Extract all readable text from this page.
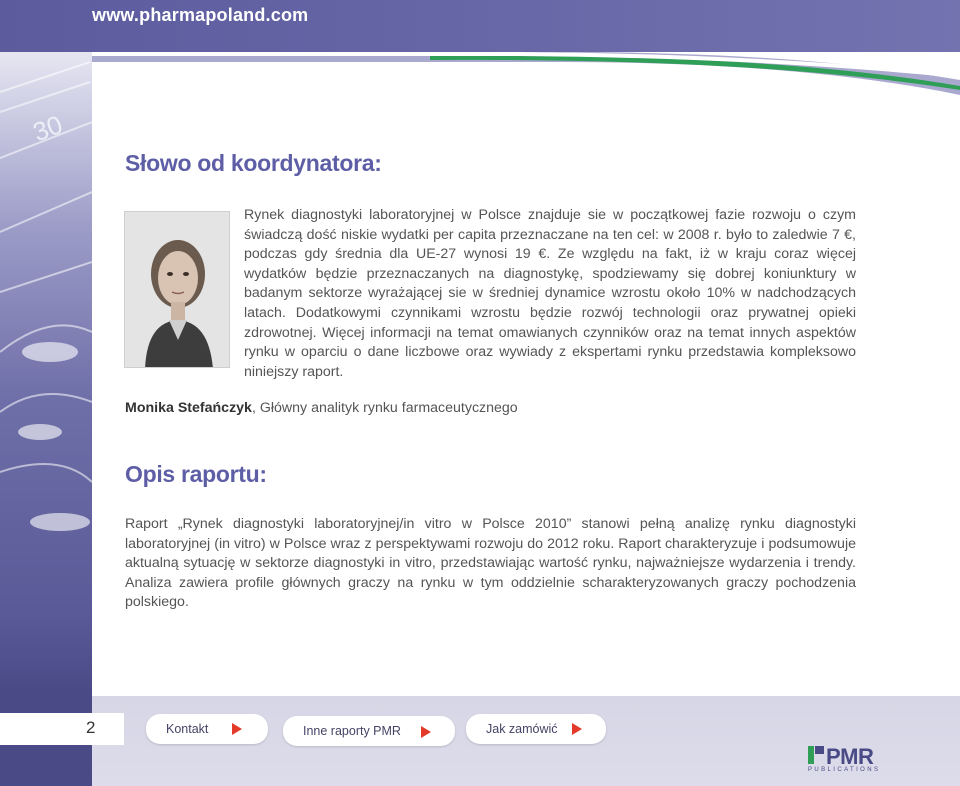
www.pharmapoland.com
30
Słowo od koordynatora:
Rynek diagnostyki laboratoryjnej w Polsce znajduje sie w początkowej fazie rozwoju o czym świadczą dość niskie wydatki per capita przeznaczane na ten cel: w 2008 r. było to zaledwie 7 €, podczas gdy średnia dla UE-27 wynosi 19 €. Ze względu na fakt, iż w kraju coraz więcej wydatków będzie przeznaczanych na diagnostykę, spodziewamy się dobrej koniunktury w badanym sektorze wyrażającej sie w średniej dynamice wzrostu około 10% w nadchodzących latach. Dodatkowymi czynnikami wzrostu będzie rozwój technologii oraz prywatnej opieki zdrowotnej. Więcej informacji na temat omawianych czynników oraz na temat innych aspektów rynku w oparciu o dane liczbowe oraz wywiady z ekspertami rynku przedstawia kompleksowo niniejszy raport.
Monika Stefańczyk, Główny analityk rynku farmaceutycznego
Opis raportu:
Raport „Rynek diagnostyki laboratoryjnej/in vitro w Polsce 2010” stanowi pełną analizę rynku diagnostyki laboratoryjnej (in vitro) w Polsce wraz z perspektywami rozwoju do 2012 roku. Raport charakteryzuje i podsumowuje aktualną sytuację w sektorze diagnostyki in vitro, przedstawiając wartość rynku, najważniejsze wydarzenia i trendy. Analiza zawiera profile głównych graczy na rynku w tym oddzielnie scharakteryzowanych graczy pochodzenia polskiego.
2	Kontakt	Inne raporty PMR	Jak zamówić
PMR
PUBLICATIONS
